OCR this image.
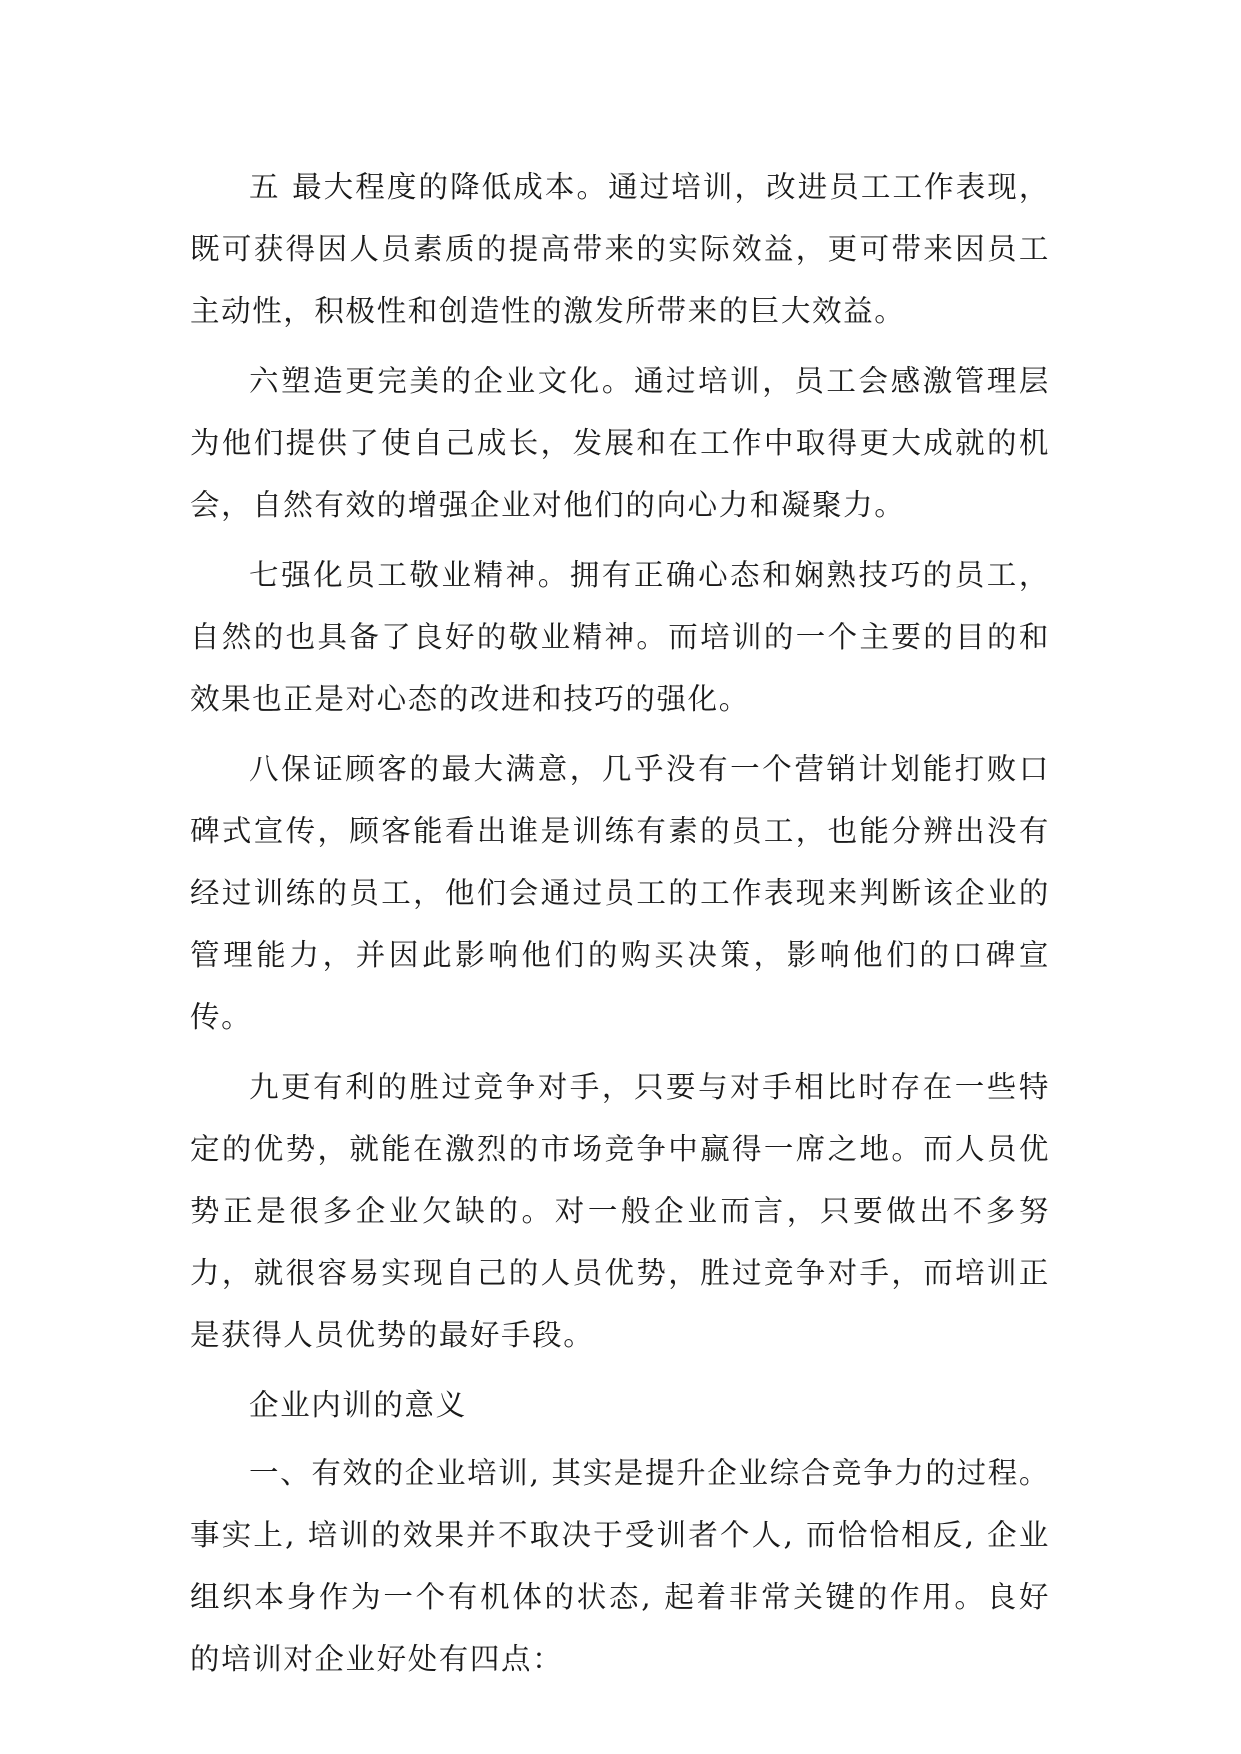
五 最大程度的降低成本。通过培训，改进员工工作表现，既可获得因人员素质的提高带来的实际效益，更可带来因员工主动性，积极性和创造性的激发所带来的巨大效益。

六塑造更完美的企业文化。通过培训，员工会感激管理层为他们提供了使自己成长，发展和在工作中取得更大成就的机会，自然有效的增强企业对他们的向心力和凝聚力。

七强化员工敬业精神。拥有正确心态和娴熟技巧的员工，自然的也具备了良好的敬业精神。而培训的一个主要的目的和效果也正是对心态的改进和技巧的强化。

八保证顾客的最大满意，几乎没有一个营销计划能打败口碑式宣传，顾客能看出谁是训练有素的员工，也能分辨出没有经过训练的员工，他们会通过员工的工作表现来判断该企业的管理能力，并因此影响他们的购买决策，影响他们的口碑宣传。

九更有利的胜过竞争对手，只要与对手相比时存在一些特定的优势，就能在激烈的市场竞争中赢得一席之地。而人员优势正是很多企业欠缺的。对一般企业而言，只要做出不多努力，就很容易实现自己的人员优势，胜过竞争对手，而培训正是获得人员优势的最好手段。

企业内训的意义

一、有效的企业培训, 其实是提升企业综合竞争力的过程。事实上, 培训的效果并不取决于受训者个人, 而恰恰相反, 企业组织本身作为一个有机体的状态, 起着非常关键的作用。良好的培训对企业好处有四点：
